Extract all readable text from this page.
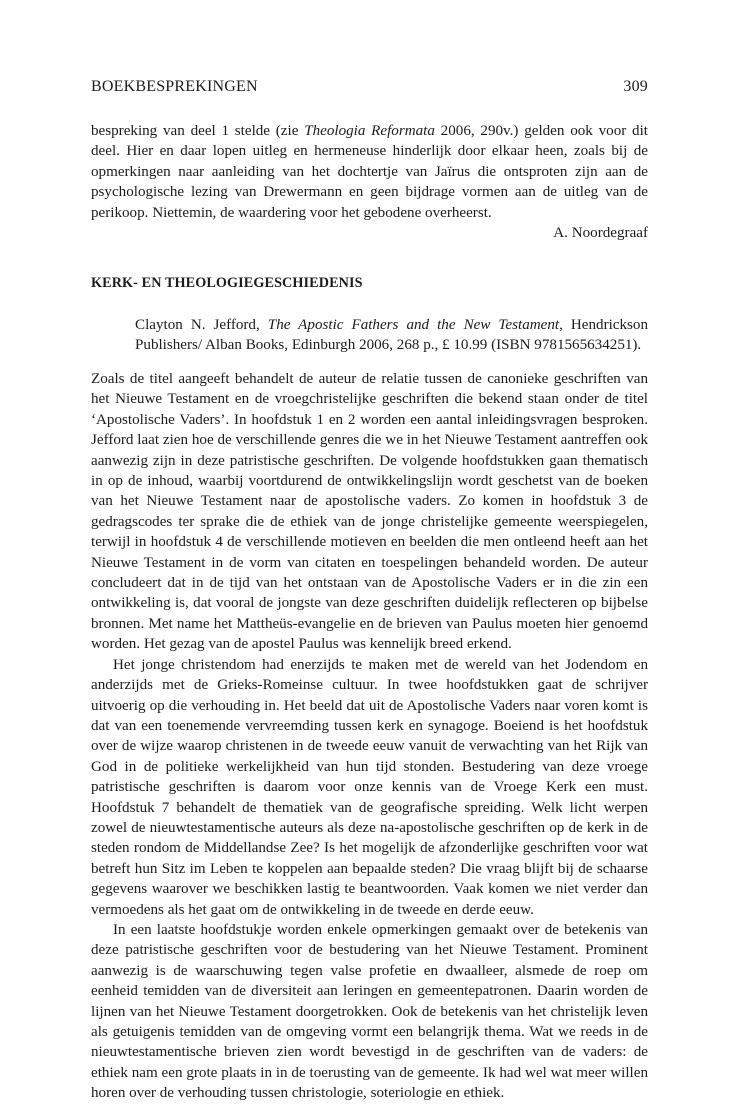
BOEKBESPREKINGEN	309

bespreking van deel 1 stelde (zie Theologia Reformata 2006, 290v.) gelden ook voor dit deel. Hier en daar lopen uitleg en hermeneuse hinderlijk door elkaar heen, zoals bij de opmerkingen naar aanleiding van het dochtertje van Jaïrus die ontsproten zijn aan de psychologische lezing van Drewermann en geen bijdrage vormen aan de uitleg van de perikoop. Niettemin, de waardering voor het gebodene overheerst.

A. Noordegraaf

KERK- EN THEOLOGIEGESCHIEDENIS
Clayton N. Jefford, The Apostic Fathers and the New Testament, Hendrickson Publishers/ Alban Books, Edinburgh 2006, 268 p., £ 10.99 (ISBN 9781565634251).

Zoals de titel aangeeft behandelt de auteur de relatie tussen de canonieke geschriften van het Nieuwe Testament en de vroegchristelijke geschriften die bekend staan onder de titel ‘Apostolische Vaders’. In hoofdstuk 1 en 2 worden een aantal inleidingsvragen besproken. Jefford laat zien hoe de verschillende genres die we in het Nieuwe Testament aantreffen ook aanwezig zijn in deze patristische geschriften. De volgende hoofdstukken gaan thematisch in op de inhoud, waarbij voortdurend de ontwikkelingslijn wordt geschetst van de boeken van het Nieuwe Testament naar de apostolische vaders. Zo komen in hoofdstuk 3 de gedragscodes ter sprake die de ethiek van de jonge christelijke gemeente weerspiegelen, terwijl in hoofdstuk 4 de verschillende motieven en beelden die men ontleend heeft aan het Nieuwe Testament in de vorm van citaten en toespelingen behandeld worden. De auteur concludeert dat in de tijd van het ontstaan van de Apostolische Vaders er in die zin een ontwikkeling is, dat vooral de jongste van deze geschriften duidelijk reflecteren op bijbelse bronnen. Met name het Mattheüs-evangelie en de brieven van Paulus moeten hier genoemd worden. Het gezag van de apostel Paulus was kennelijk breed erkend.

Het jonge christendom had enerzijds te maken met de wereld van het Jodendom en anderzijds met de Grieks-Romeinse cultuur. In twee hoofdstukken gaat de schrijver uitvoerig op die verhouding in. Het beeld dat uit de Apostolische Vaders naar voren komt is dat van een toenemende vervreemding tussen kerk en synagoge. Boeiend is het hoofdstuk over de wijze waarop christenen in de tweede eeuw vanuit de verwachting van het Rijk van God in de politieke werkelijkheid van hun tijd stonden. Bestudering van deze vroege patristische geschriften is daarom voor onze kennis van de Vroege Kerk een must. Hoofdstuk 7 behandelt de thematiek van de geografische spreiding. Welk licht werpen zowel de nieuwtestamentische auteurs als deze na-apostolische geschriften op de kerk in de steden rondom de Middellandse Zee? Is het mogelijk de afzonderlijke geschriften voor wat betreft hun Sitz im Leben te koppelen aan bepaalde steden? Die vraag blijft bij de schaarse gegevens waarover we beschikken lastig te beantwoorden. Vaak komen we niet verder dan vermoedens als het gaat om de ontwikkeling in de tweede en derde eeuw.

In een laatste hoofdstukje worden enkele opmerkingen gemaakt over de betekenis van deze patristische geschriften voor de bestudering van het Nieuwe Testament. Prominent aanwezig is de waarschuwing tegen valse profetie en dwaalleer, alsmede de roep om eenheid temidden van de diversiteit aan leringen en gemeentepatronen. Daarin worden de lijnen van het Nieuwe Testament doorgetrokken. Ook de betekenis van het christelijk leven als getuigenis temidden van de omgeving vormt een belangrijk thema. Wat we reeds in de nieuwtestamentische brieven zien wordt bevestigd in de geschriften van de vaders: de ethiek nam een grote plaats in in de toerusting van de gemeente. Ik had wel wat meer willen horen over de verhouding tussen christologie, soteriologie en ethiek.
